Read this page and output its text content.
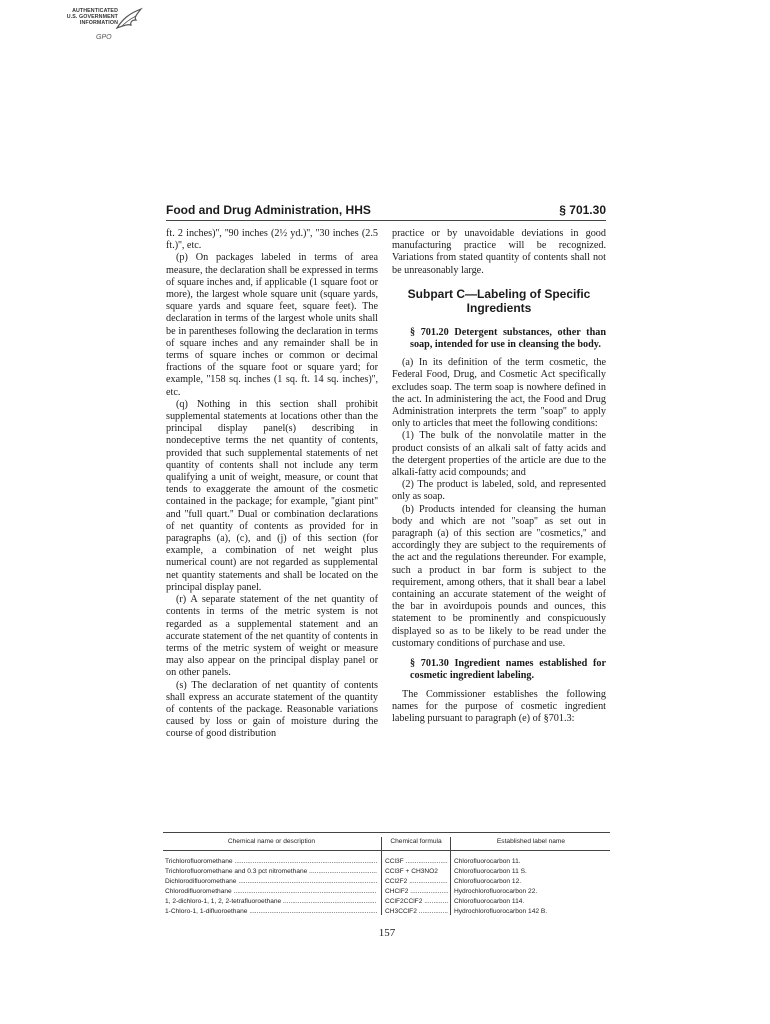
AUTHENTICATED
U.S. GOVERNMENT
INFORMATION
GPO
Food and Drug Administration, HHS	§ 701.30

ft. 2 inches)'', ''90 inches (2½ yd.)'', ''30 inches (2.5 ft.)'', etc.

(p) On packages labeled in terms of area measure, the declaration shall be expressed in terms of square inches and, if applicable (1 square foot or more), the largest whole square unit (square yards, square yards and square feet, square feet). The declaration in terms of the largest whole units shall be in parentheses following the declaration in terms of square inches and any remainder shall be in terms of square inches or common or decimal fractions of the square foot or square yard; for example, ''158 sq. inches (1 sq. ft. 14 sq. inches)'', etc.

(q) Nothing in this section shall prohibit supplemental statements at locations other than the principal display panel(s) describing in nondeceptive terms the net quantity of contents, provided that such supplemental statements of net quantity of contents shall not include any term qualifying a unit of weight, measure, or count that tends to exaggerate the amount of the cosmetic contained in the package; for example, ''giant pint'' and ''full quart.'' Dual or combination declarations of net quantity of contents as provided for in paragraphs (a), (c), and (j) of this section (for example, a combination of net weight plus numerical count) are not regarded as supplemental net quantity statements and shall be located on the principal display panel.

(r) A separate statement of the net quantity of contents in terms of the metric system is not regarded as a supplemental statement and an accurate statement of the net quantity of contents in terms of the metric system of weight or measure may also appear on the principal display panel or on other panels.

(s) The declaration of net quantity of contents shall express an accurate statement of the quantity of contents of the package. Reasonable variations caused by loss or gain of moisture during the course of good distribution

practice or by unavoidable deviations in good manufacturing practice will be recognized. Variations from stated quantity of contents shall not be unreasonably large.

Subpart C—Labeling of Specific Ingredients

§ 701.20 Detergent substances, other than soap, intended for use in cleansing the body.

(a) In its definition of the term cosmetic, the Federal Food, Drug, and Cosmetic Act specifically excludes soap. The term soap is nowhere defined in the act. In administering the act, the Food and Drug Administration interprets the term ''soap'' to apply only to articles that meet the following conditions:

(1) The bulk of the nonvolatile matter in the product consists of an alkali salt of fatty acids and the detergent properties of the article are due to the alkali-fatty acid compounds; and

(2) The product is labeled, sold, and represented only as soap.

(b) Products intended for cleansing the human body and which are not ''soap'' as set out in paragraph (a) of this section are ''cosmetics,'' and accordingly they are subject to the requirements of the act and the regulations thereunder. For example, such a product in bar form is subject to the requirement, among others, that it shall bear a label containing an accurate statement of the weight of the bar in avoirdupois pounds and ounces, this statement to be prominently and conspicuously displayed so as to be likely to be read under the customary conditions of purchase and use.

§ 701.30 Ingredient names established for cosmetic ingredient labeling.

The Commissioner establishes the following names for the purpose of cosmetic ingredient labeling pursuant to paragraph (e) of §701.3:

Chemical name or description	Chemical formula	Established label name
Trichlorofluoromethane .....	CCl3F .....	Chlorofluorocarbon 11.
Trichlorofluoromethane and 0.3 pct nitromethane .....	CCl3F + CH3NO2	Chlorofluorocarbon 11 S.
Dichlorodifluoromethane .....	CCl2F2 .....	Chlorofluorocarbon 12.
Chlorodifluoromethane .....	CHClF2 .....	Hydrochlorofluorocarbon 22.
1, 2-dichloro-1, 1, 2, 2-tetrafluoroethane .....	CClF2CClF2 .....	Chlorofluorocarbon 114.
1-Chloro-1, 1-difluoroethane .....	CH3CClF2 .....	Hydrochlorofluorocarbon 142 B.
157
